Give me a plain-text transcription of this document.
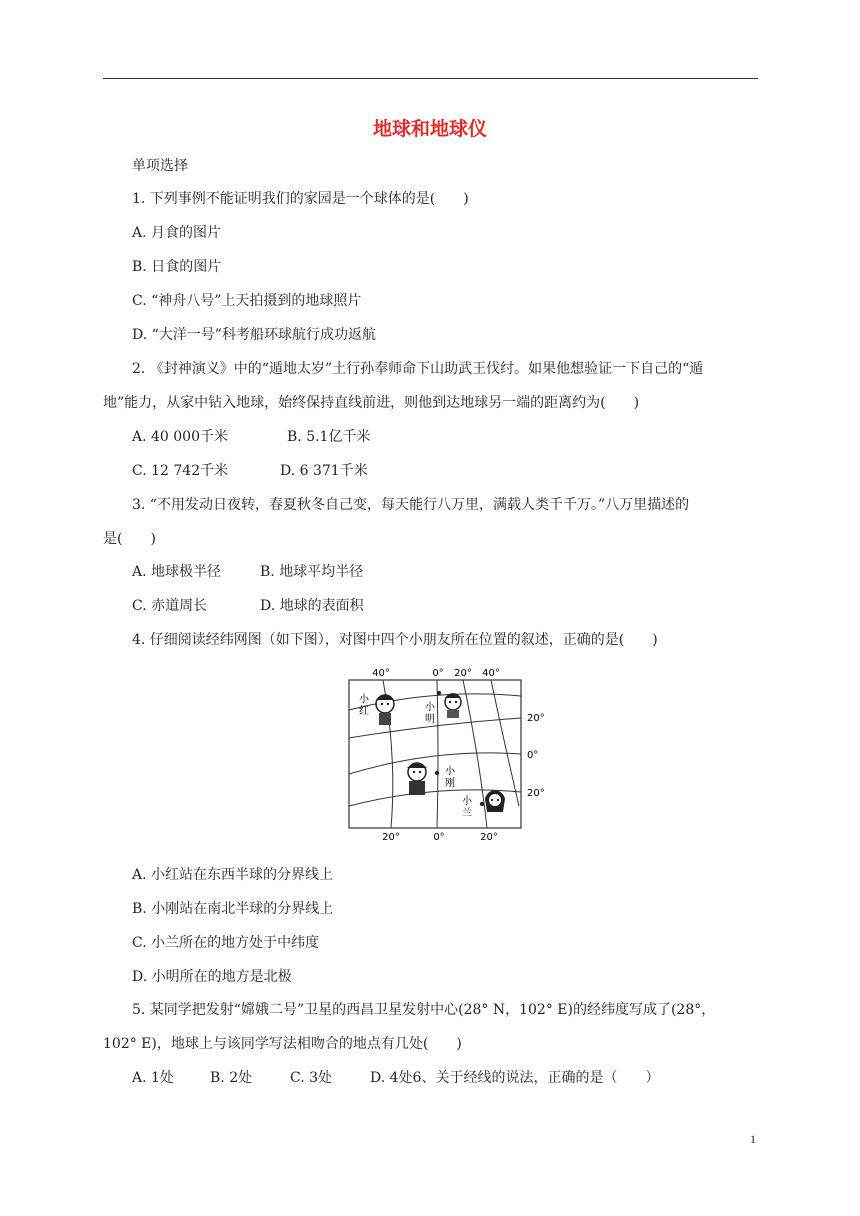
地球和地球仪
单项选择
1. 下列事例不能证明我们的家园是一个球体的是(　　)
A. 月食的图片
B. 日食的图片
C. “神舟八号”上天拍摄到的地球照片
D. “大洋一号”科考船环球航行成功返航
2. 《封神演义》中的“遁地太岁”土行孙奉师命下山助武王伐纣。如果他想验证一下自己的“遁
地”能力，从家中钻入地球，始终保持直线前进，则他到达地球另一端的距离约为(　　)
A. 40 000千米	B. 5.1亿千米
C. 12 742千米	D. 6 371千米
3. “不用发动日夜转，春夏秋冬自己变，每天能行八万里，满载人类千千万。”八万里描述的
是(　　)
A. 地球极半径	B. 地球平均半径
C. 赤道周长	D. 地球的表面积
4. 仔细阅读经纬网图（如下图），对图中四个小朋友所在位置的叙述，正确的是(　　)
40°	0° 20° 40°
20°	0°	20°
20°
0°
20°
小
红	小
明
小
刚
小
兰
A. 小红站在东西半球的分界线上
B. 小刚站在南北半球的分界线上
C. 小兰所在的地方处于中纬度
D. 小明所在的地方是北极
5. 某同学把发射“嫦娥二号”卫星的西昌卫星发射中心(28° N，102° E)的经纬度写成了(28°，
102° E)，地球上与该同学写法相吻合的地点有几处(　　)
A. 1处	B. 2处	C. 3处	D. 4处6、关于经线的说法，正确的是（　　）
1
